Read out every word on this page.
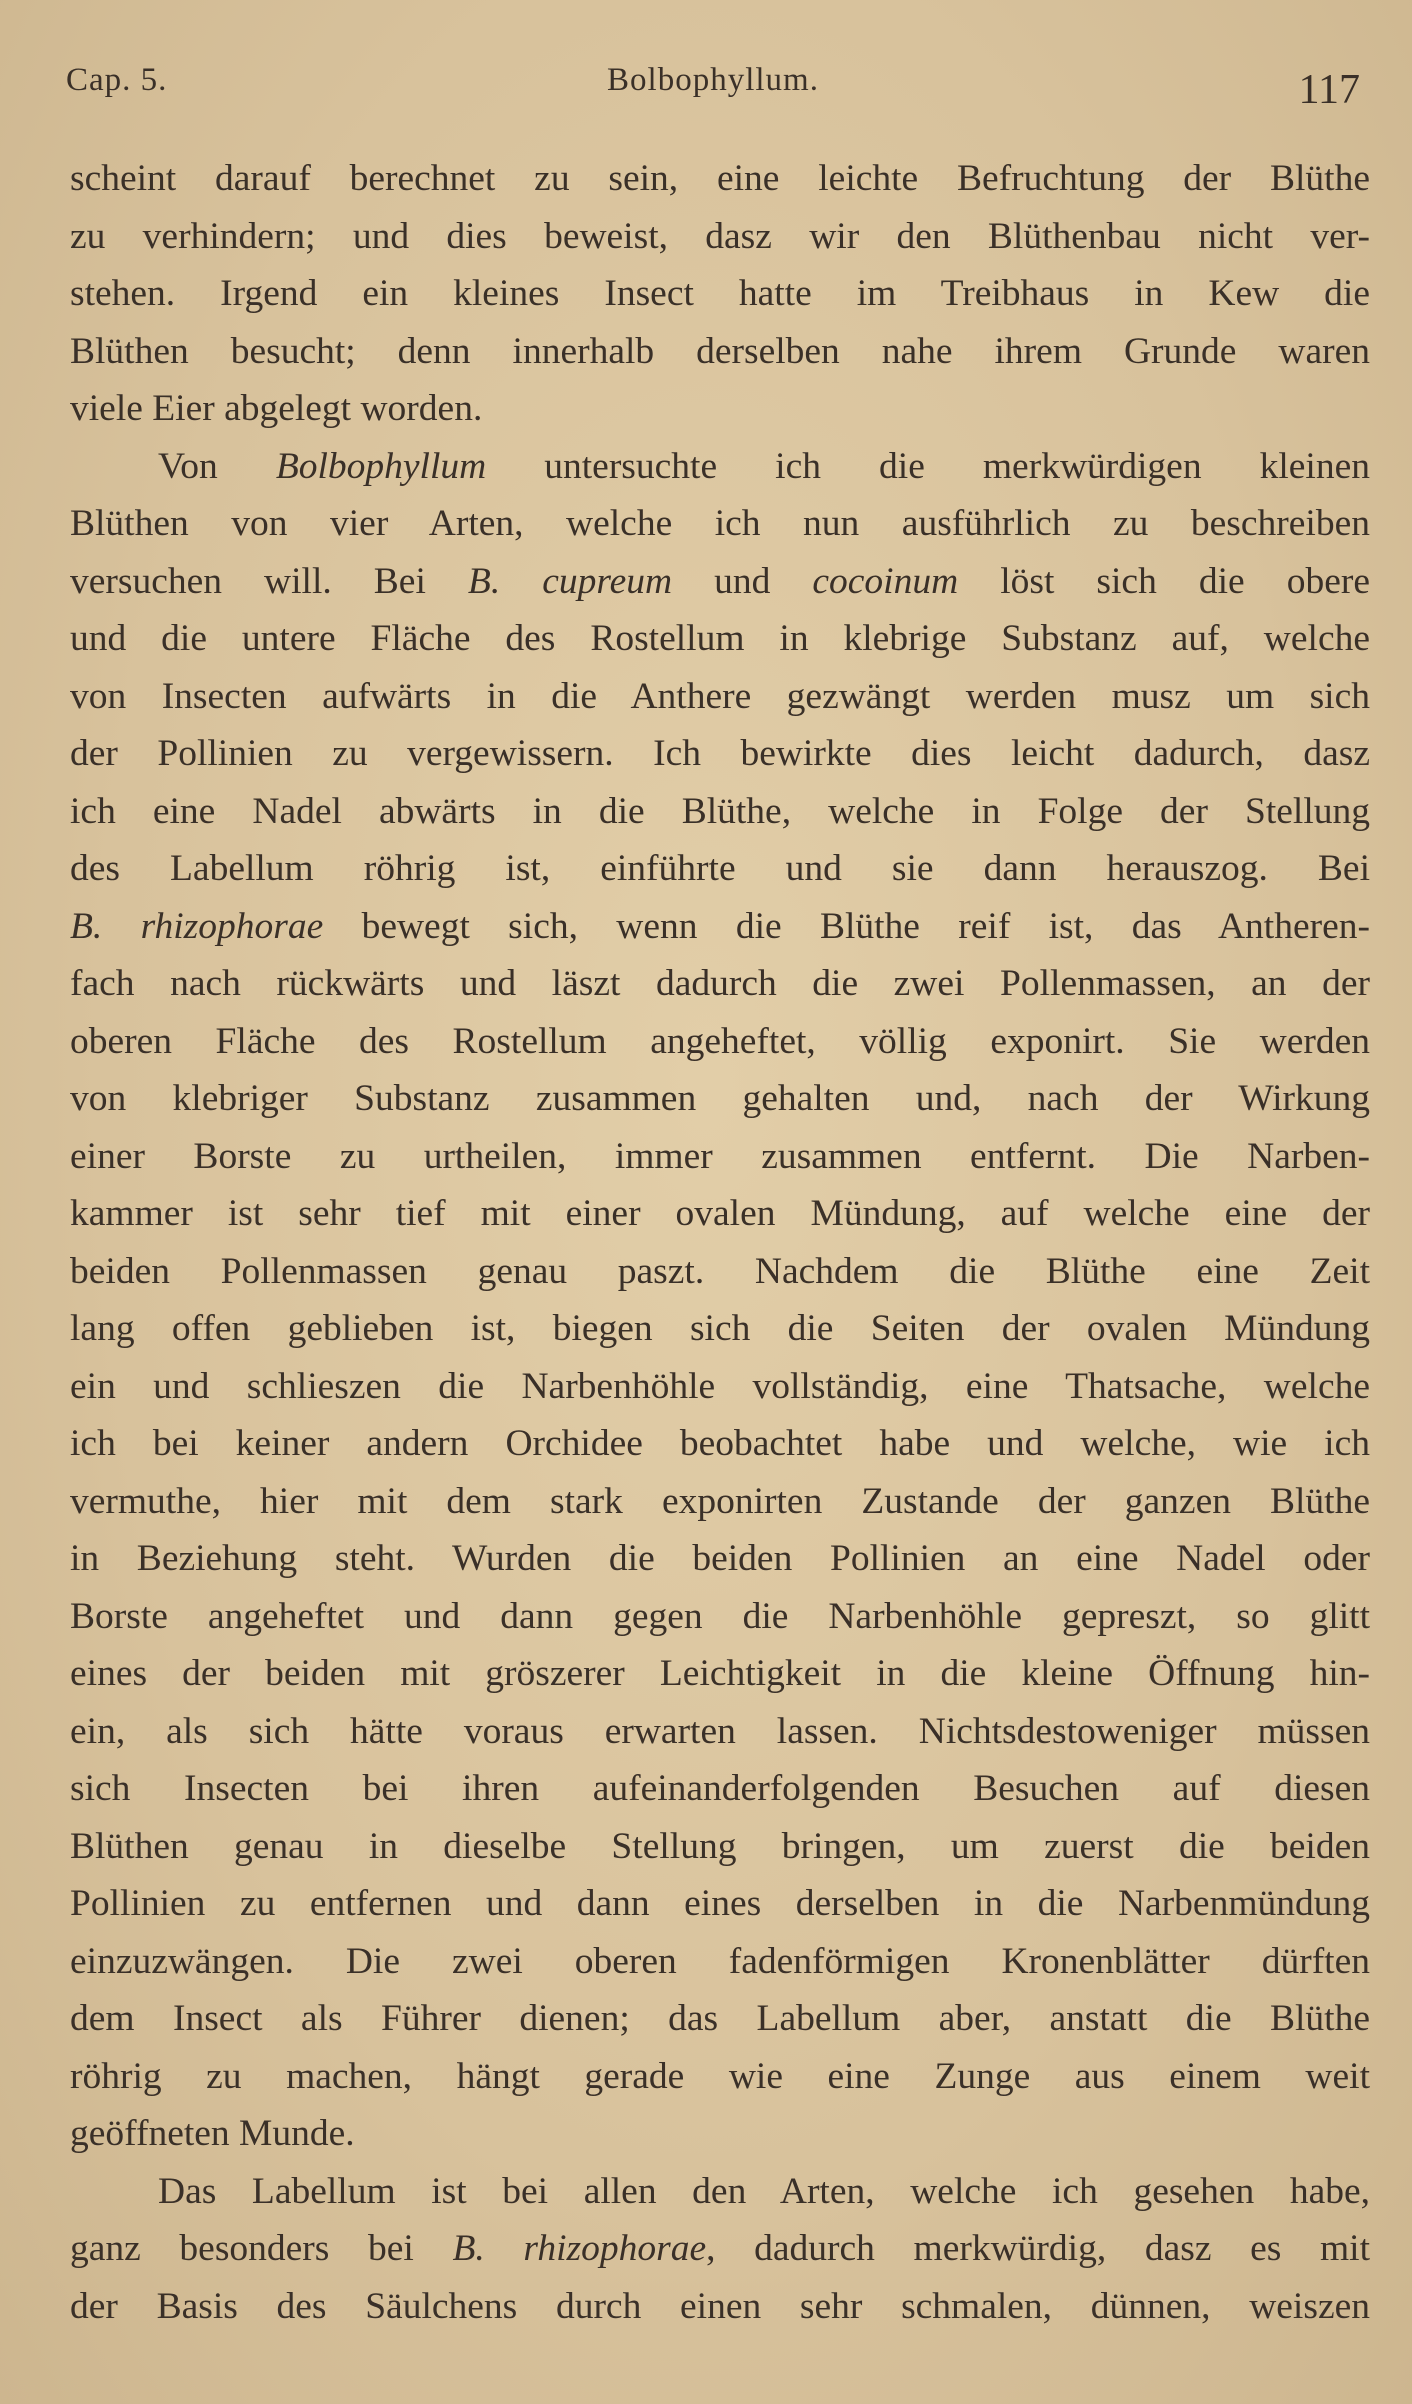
Cap. 5.	Bolbophyllum.	117
scheint darauf berechnet zu sein, eine leichte Befruchtung der Blüthe
zu verhindern; und dies beweist, dasz wir den Blüthenbau nicht ver-
stehen. Irgend ein kleines Insect hatte im Treibhaus in Kew die
Blüthen besucht; denn innerhalb derselben nahe ihrem Grunde waren
viele Eier abgelegt worden.
Von Bolbophyllum untersuchte ich die merkwürdigen kleinen
Blüthen von vier Arten, welche ich nun ausführlich zu beschreiben
versuchen will. Bei B. cupreum und cocoinum löst sich die obere
und die untere Fläche des Rostellum in klebrige Substanz auf, welche
von Insecten aufwärts in die Anthere gezwängt werden musz um sich
der Pollinien zu vergewissern. Ich bewirkte dies leicht dadurch, dasz
ich eine Nadel abwärts in die Blüthe, welche in Folge der Stellung
des Labellum röhrig ist, einführte und sie dann herauszog. Bei
B. rhizophorae bewegt sich, wenn die Blüthe reif ist, das Antheren-
fach nach rückwärts und läszt dadurch die zwei Pollenmassen, an der
oberen Fläche des Rostellum angeheftet, völlig exponirt. Sie werden
von klebriger Substanz zusammen gehalten und, nach der Wirkung
einer Borste zu urtheilen, immer zusammen entfernt. Die Narben-
kammer ist sehr tief mit einer ovalen Mündung, auf welche eine der
beiden Pollenmassen genau paszt. Nachdem die Blüthe eine Zeit
lang offen geblieben ist, biegen sich die Seiten der ovalen Mündung
ein und schlieszen die Narbenhöhle vollständig, eine Thatsache, welche
ich bei keiner andern Orchidee beobachtet habe und welche, wie ich
vermuthe, hier mit dem stark exponirten Zustande der ganzen Blüthe
in Beziehung steht. Wurden die beiden Pollinien an eine Nadel oder
Borste angeheftet und dann gegen die Narbenhöhle gepreszt, so glitt
eines der beiden mit gröszerer Leichtigkeit in die kleine Öffnung hin-
ein, als sich hätte voraus erwarten lassen. Nichtsdestoweniger müssen
sich Insecten bei ihren aufeinanderfolgenden Besuchen auf diesen
Blüthen genau in dieselbe Stellung bringen, um zuerst die beiden
Pollinien zu entfernen und dann eines derselben in die Narbenmündung
einzuzwängen. Die zwei oberen fadenförmigen Kronenblätter dürften
dem Insect als Führer dienen; das Labellum aber, anstatt die Blüthe
röhrig zu machen, hängt gerade wie eine Zunge aus einem weit
geöffneten Munde.
Das Labellum ist bei allen den Arten, welche ich gesehen habe,
ganz besonders bei B. rhizophorae, dadurch merkwürdig, dasz es mit
der Basis des Säulchens durch einen sehr schmalen, dünnen, weiszen
